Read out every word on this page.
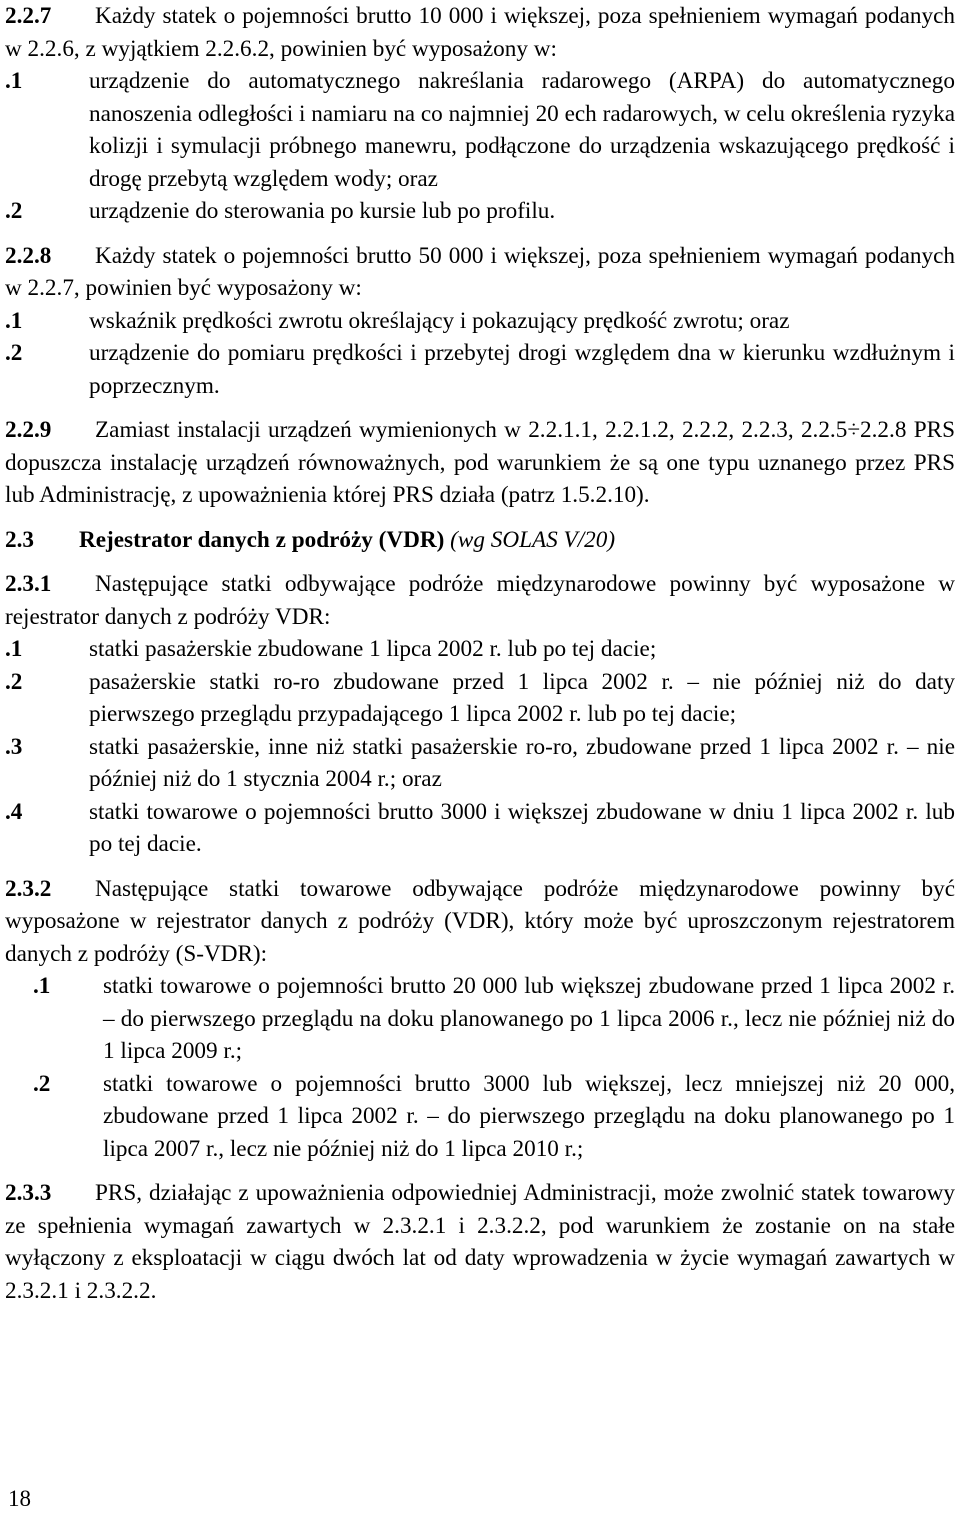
2.2.7 Każdy statek o pojemności brutto 10 000 i większej, poza spełnieniem wymagań podanych w 2.2.6, z wyjątkiem 2.2.6.2, powinien być wyposażony w:

.1	urządzenie do automatycznego nakreślania radarowego (ARPA) do automatycznego nanoszenia odległości i namiaru na co najmniej 20 ech radarowych, w celu określenia ryzyka kolizji i symulacji próbnego manewru, podłączone do urządzenia wskazującego prędkość i drogę przebytą względem wody; oraz
.2	urządzenie do sterowania po kursie lub po profilu.

2.2.8 Każdy statek o pojemności brutto 50 000 i większej, poza spełnieniem wymagań podanych w 2.2.7, powinien być wyposażony w:

.1	wskaźnik prędkości zwrotu określający i pokazujący prędkość zwrotu; oraz
.2	urządzenie do pomiaru prędkości i przebytej drogi względem dna w kierunku wzdłużnym i poprzecznym.

2.2.9 Zamiast instalacji urządzeń wymienionych w 2.2.1.1, 2.2.1.2, 2.2.2, 2.2.3, 2.2.5÷2.2.8 PRS dopuszcza instalację urządzeń równoważnych, pod warunkiem że są one typu uznanego przez PRS lub Administrację, z upoważnienia której PRS działa (patrz 1.5.2.10).

2.3 Rejestrator danych z podróży (VDR) (wg SOLAS V/20)

2.3.1 Następujące statki odbywające podróże międzynarodowe powinny być wyposażone w rejestrator danych z podróży VDR:

.1	statki pasażerskie zbudowane 1 lipca 2002 r. lub po tej dacie;
.2	pasażerskie statki ro-ro zbudowane przed 1 lipca 2002 r. – nie później niż do daty pierwszego przeglądu przypadającego 1 lipca 2002 r. lub po tej dacie;
.3	statki pasażerskie, inne niż statki pasażerskie ro-ro, zbudowane przed 1 lipca 2002 r. – nie później niż do 1 stycznia 2004 r.; oraz
.4	statki towarowe o pojemności brutto 3000 i większej zbudowane w dniu 1 lipca 2002 r. lub po tej dacie.

2.3.2 Następujące statki towarowe odbywające podróże międzynarodowe powinny być wyposażone w rejestrator danych z podróży (VDR), który może być uproszczonym rejestratorem danych z podróży (S-VDR):

.1	statki towarowe o pojemności brutto 20 000 lub większej zbudowane przed 1 lipca 2002 r. – do pierwszego przeglądu na doku planowanego po 1 lipca 2006 r., lecz nie później niż do 1 lipca 2009 r.;
.2	statki towarowe o pojemności brutto 3000 lub większej, lecz mniejszej niż 20 000, zbudowane przed 1 lipca 2002 r. – do pierwszego przeglądu na doku planowanego po 1 lipca 2007 r., lecz nie później niż do 1 lipca 2010 r.;

2.3.3 PRS, działając z upoważnienia odpowiedniej Administracji, może zwolnić statek towarowy ze spełnienia wymagań zawartych w 2.3.2.1 i 2.3.2.2, pod warunkiem że zostanie on na stałe wyłączony z eksploatacji w ciągu dwóch lat od daty wprowadzenia w życie wymagań zawartych w 2.3.2.1 i 2.3.2.2.

18
